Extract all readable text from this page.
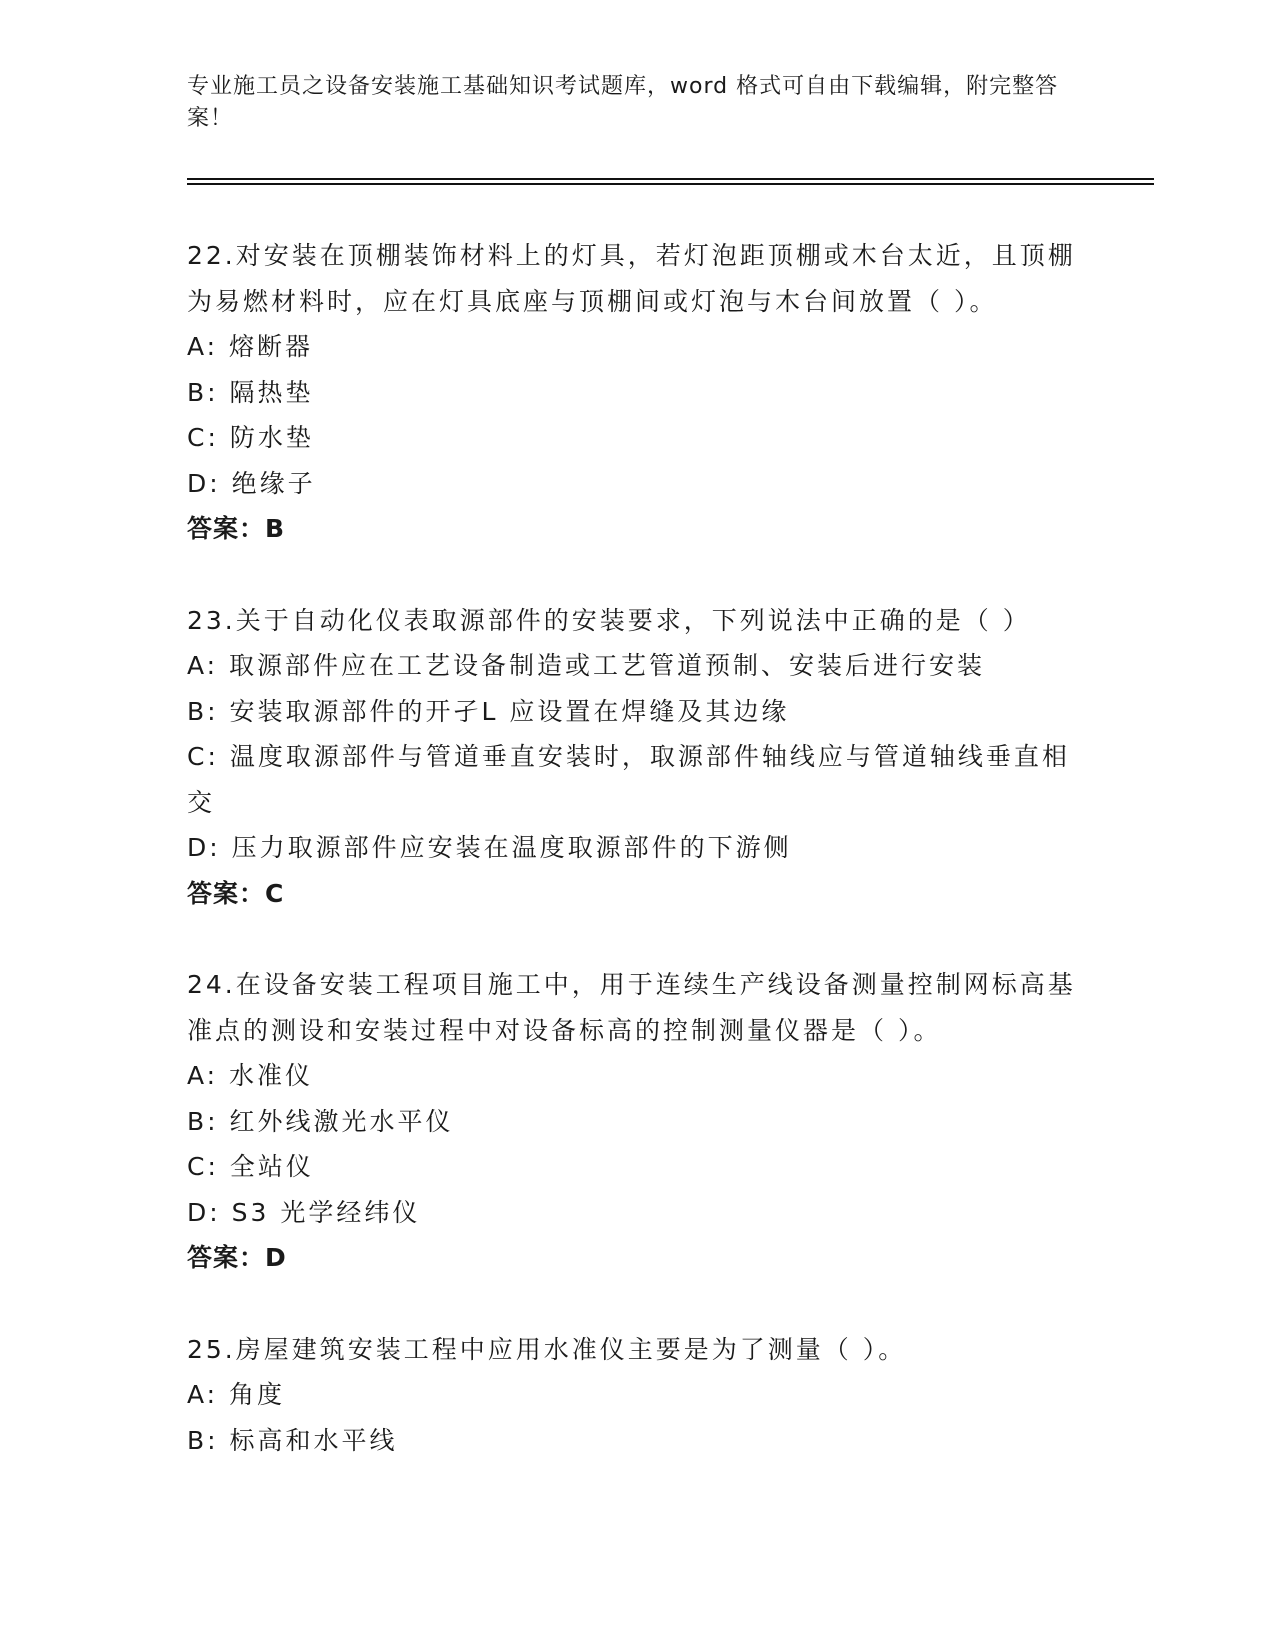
专业施工员之设备安装施工基础知识考试题库，word 格式可自由下载编辑，附完整答案！

22.对安装在顶棚装饰材料上的灯具，若灯泡距顶棚或木台太近，且顶棚为易燃材料时，应在灯具底座与顶棚间或灯泡与木台间放置（ ）。

A: 熔断器
B: 隔热垫
C: 防水垫
D: 绝缘子
答案：B

23.关于自动化仪表取源部件的安装要求，下列说法中正确的是（ ）

A: 取源部件应在工艺设备制造或工艺管道预制、安装后进行安装
B: 安装取源部件的开孑L 应设置在焊缝及其边缘
C: 温度取源部件与管道垂直安装时，取源部件轴线应与管道轴线垂直相交
D: 压力取源部件应安装在温度取源部件的下游侧
答案：C

24.在设备安装工程项目施工中，用于连续生产线设备测量控制网标高基准点的测设和安装过程中对设备标高的控制测量仪器是（ ）。

A: 水准仪
B: 红外线激光水平仪
C: 全站仪
D: S3 光学经纬仪
答案：D

25.房屋建筑安装工程中应用水准仪主要是为了测量（ ）。

A: 角度
B: 标高和水平线
